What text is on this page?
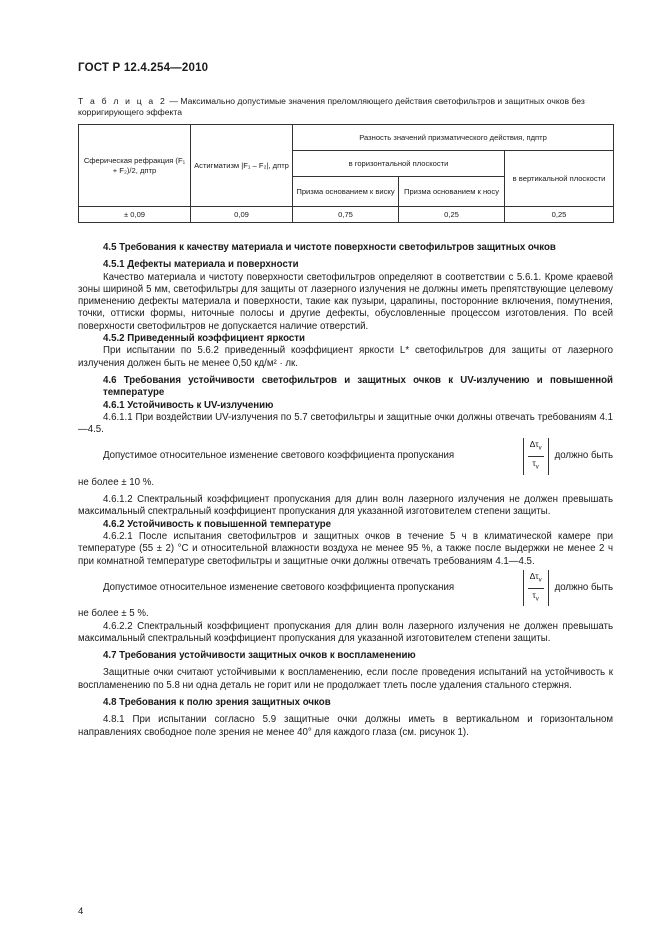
ГОСТ Р 12.4.254—2010
Т а б л и ц а 2 — Максимально допустимые значения преломляющего действия светофильтров и защитных очков без корригирующего эффекта
Сферическая рефракция (F₁ + F₂)/2, дптр	Астигматизм |F₁ – F₂|, дптр	Разность значений призматического действия, пдптр		
		в горизонтальной плоскости		в вертикальной плоскости
		Призма основанием к виску	Призма основанием к носу	
± 0,09	0,09	0,75	0,25	0,25

4.5 Требования к качеству материала и чистоте поверхности светофильтров защитных очков

4.5.1 Дефекты материала и поверхности

Качество материала и чистоту поверхности светофильтров определяют в соответствии с 5.6.1. Кроме краевой зоны шириной 5 мм, светофильтры для защиты от лазерного излучения не должны иметь препятствующие целевому применению дефекты материала и поверхности, такие как пузыри, царапины, посторонние включения, помутнения, точки, оттиски формы, ниточные полосы и другие дефекты, обусловленные процессом изготовления. По всей поверхности светофильтров не допускается наличие отверстий.

4.5.2 Приведенный коэффициент яркости

При испытании по 5.6.2 приведенный коэффициент яркости L* светофильтров для защиты от лазерного излучения должен быть не менее 0,50 кд/м² · лк.

4.6 Требования устойчивости светофильтров и защитных очков к UV-излучению и повышенной температуре

4.6.1 Устойчивость к UV-излучению

4.6.1.1 При воздействии UV-излучения по 5.7 светофильтры и защитные очки должны отвечать требованиям 4.1—4.5.

Допустимое относительное изменение светового коэффициента пропускания	$\frac{\Delta\tau_v}{\tau_v}$ должно быть

не более ± 10 %.

4.6.1.2 Спектральный коэффициент пропускания для длин волн лазерного излучения не должен превышать максимальный спектральный коэффициент пропускания для указанной изготовителем степени защиты.

4.6.2 Устойчивость к повышенной температуре

4.6.2.1 После испытания светофильтров и защитных очков в течение 5 ч в климатической камере при температуре (55 ± 2) °С и относительной влажности воздуха не менее 95 %, а также после выдержки не менее 2 ч при комнатной температуре светофильтры и защитные очки должны отвечать требованиям 4.1—4.5.

Допустимое относительное изменение светового коэффициента пропускания	$\frac{\Delta\tau_v}{\tau_v}$ должно быть

не более ± 5 %.

4.6.2.2 Спектральный коэффициент пропускания для длин волн лазерного излучения не должен превышать максимальный спектральный коэффициент пропускания для указанной изготовителем степени защиты.

4.7 Требования устойчивости защитных очков к воспламенению

Защитные очки считают устойчивыми к воспламенению, если после проведения испытаний на устойчивость к воспламенению по 5.8 ни одна деталь не горит или не продолжает тлеть после удаления стального стержня.

4.8 Требования к полю зрения защитных очков

4.8.1 При испытании согласно 5.9 защитные очки должны иметь в вертикальном и горизонтальном направлениях свободное поле зрения не менее 40° для каждого глаза (см. рисунок 1).

4
